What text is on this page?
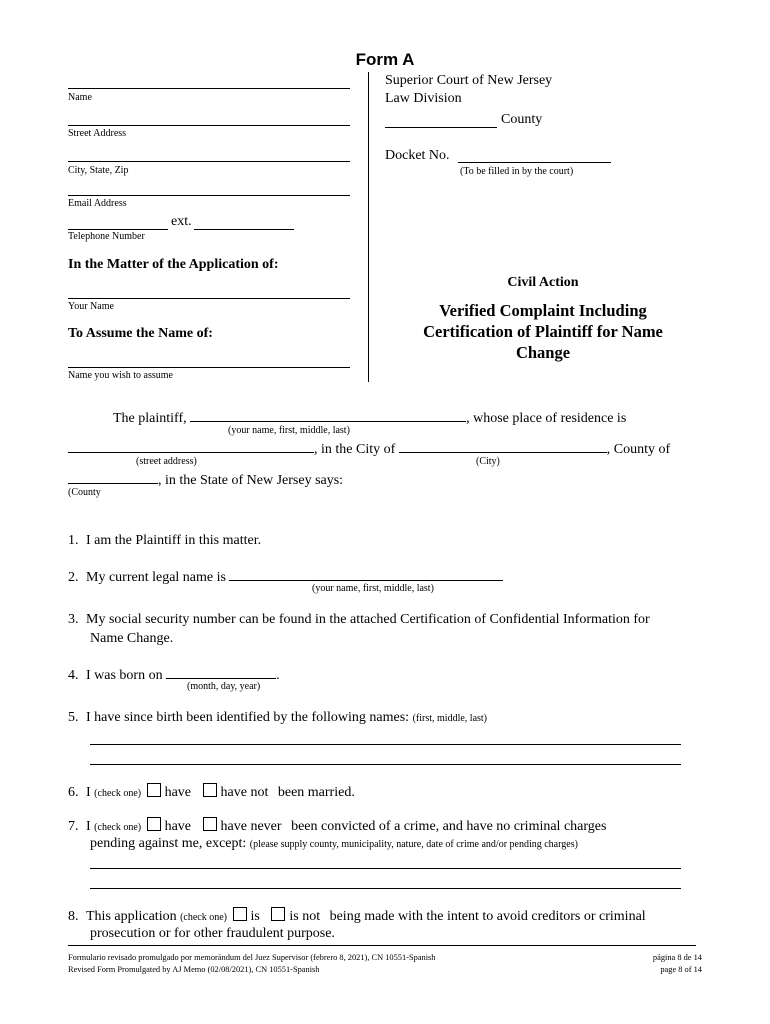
Form A
Name
Street Address
City, State, Zip
Email Address
ext.
Telephone Number
In the Matter of the Application of:
Your Name
To Assume the Name of:
Name you wish to assume
Superior Court of New Jersey
Law Division
County
Docket No.
(To be filled in by the court)
Civil Action
Verified Complaint Including
Certification of Plaintiff for Name
Change
The plaintiff,	, whose place of residence is
(your name, first, middle, last)
, in the City of	, County of
(street address)	(City)
, in the State of New Jersey says:
(County
1. I am the Plaintiff in this matter.
2. My current legal name is
(your name, first, middle, last)
3. My social security number can be found in the attached Certification of Confidential Information for
Name Change.
4. I was born on	.
(month, day, year)
5. I have since birth been identified by the following names: (first, middle, last)
6. I (check one) have have not been married.
7. I (check one) have have never been convicted of a crime, and have no criminal charges
pending against me, except: (please supply county, municipality, nature, date of crime and/or pending charges)
8. This application (check one) is is not being made with the intent to avoid creditors or criminal
prosecution or for other fraudulent purpose.
Formulario revisado promulgado por memorándum del Juez Supervisor (febrero 8, 2021), CN 10551-Spanish
Revised Form Promulgated by AJ Memo (02/08/2021), CN 10551-Spanish
página 8 de 14
page 8 of 14
